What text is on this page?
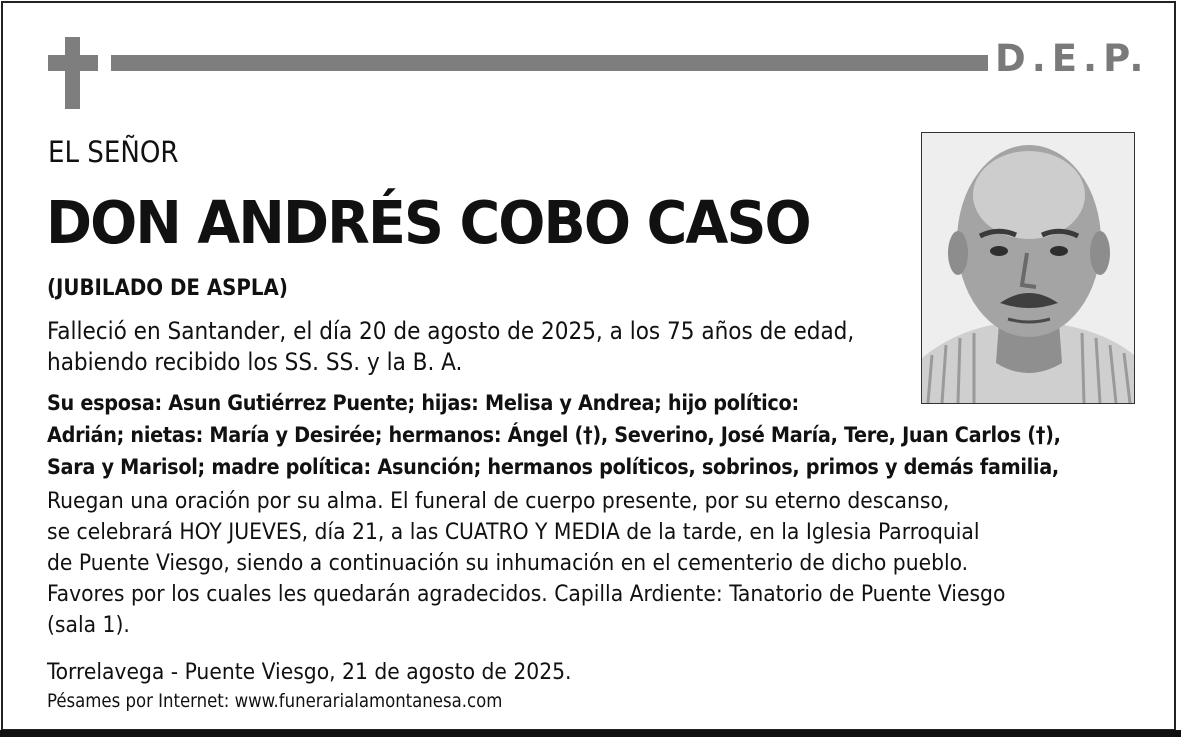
D.E.P.
EL SEÑOR
DON ANDRÉS COBO CASO
(JUBILADO DE ASPLA)

Falleció en Santander, el día 20 de agosto de 2025, a los 75 años de edad,

habiendo recibido los SS. SS. y la B. A.

Su esposa: Asun Gutiérrez Puente; hijas: Melisa y Andrea; hijo político:

Adrián; nietas: María y Desirée; hermanos: Ángel (†), Severino, José María, Tere, Juan Carlos (†),

Sara y Marisol; madre política: Asunción; hermanos políticos, sobrinos, primos y demás familia,

Ruegan una oración por su alma. El funeral de cuerpo presente, por su eterno descanso,

se celebrará HOY JUEVES, día 21, a las CUATRO Y MEDIA de la tarde, en la Iglesia Parroquial

de Puente Viesgo, siendo a continuación su inhumación en el cementerio de dicho pueblo.

Favores por los cuales les quedarán agradecidos. Capilla Ardiente: Tanatorio de Puente Viesgo

(sala 1).

Torrelavega - Puente Viesgo, 21 de agosto de 2025.
Pésames por Internet: www.funerarialamontanesa.com
